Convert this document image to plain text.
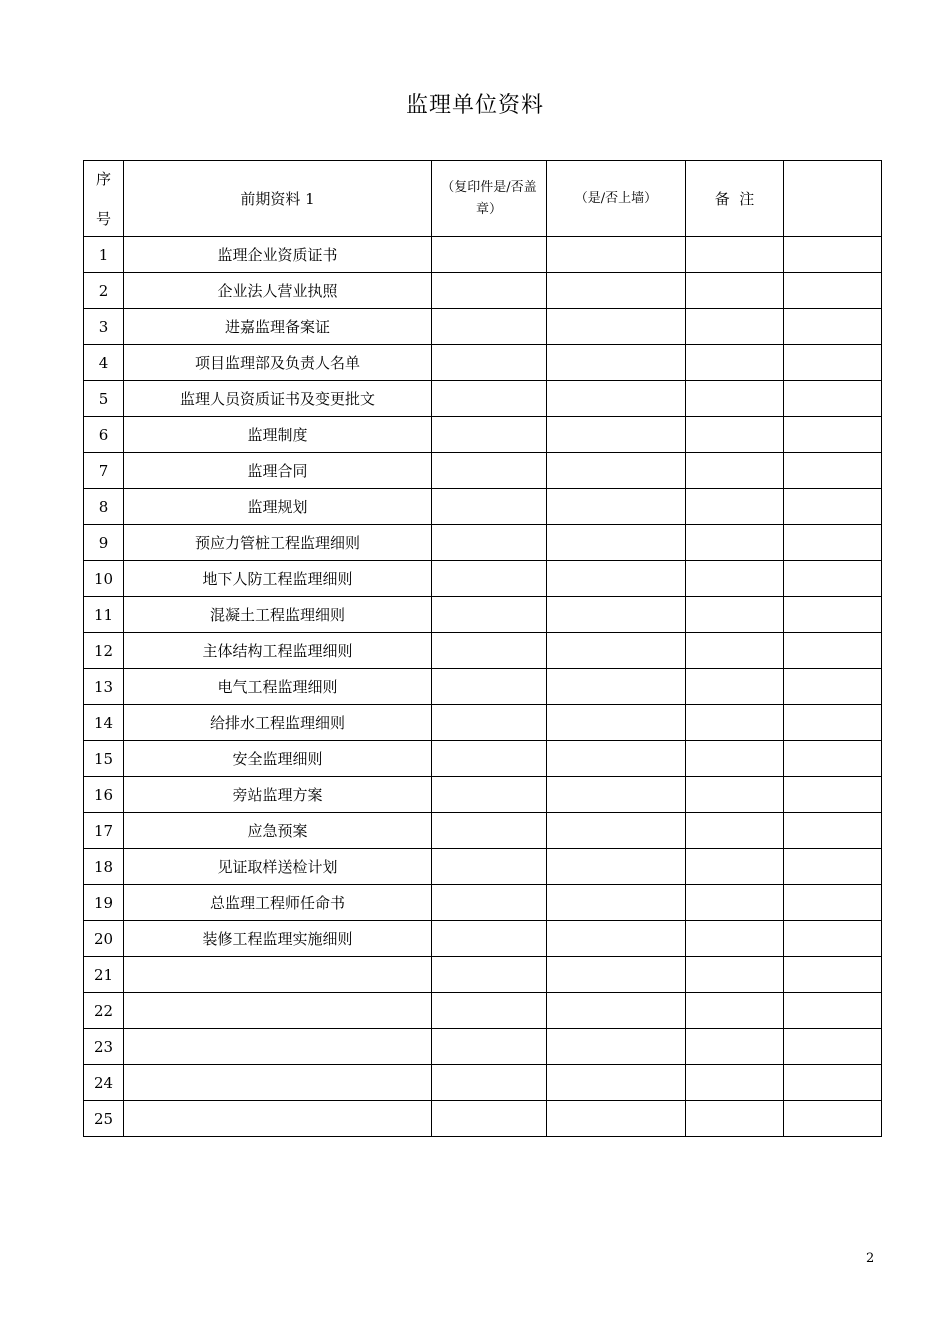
监理单位资料
序
号	前期资料 1	（复印件是/否盖章）	（是/否上墙）	备  注	
1	监理企业资质证书				
2	企业法人营业执照				
3	进嘉监理备案证				
4	项目监理部及负责人名单				
5	监理人员资质证书及变更批文				
6	监理制度				
7	监理合同				
8	监理规划				
9	预应力管桩工程监理细则				
10	地下人防工程监理细则				
11	混凝土工程监理细则				
12	主体结构工程监理细则				
13	电气工程监理细则				
14	给排水工程监理细则				
15	安全监理细则				
16	旁站监理方案				
17	应急预案				
18	见证取样送检计划				
19	总监理工程师任命书				
20	装修工程监理实施细则				
21					
22					
23					
24					
25					
2
